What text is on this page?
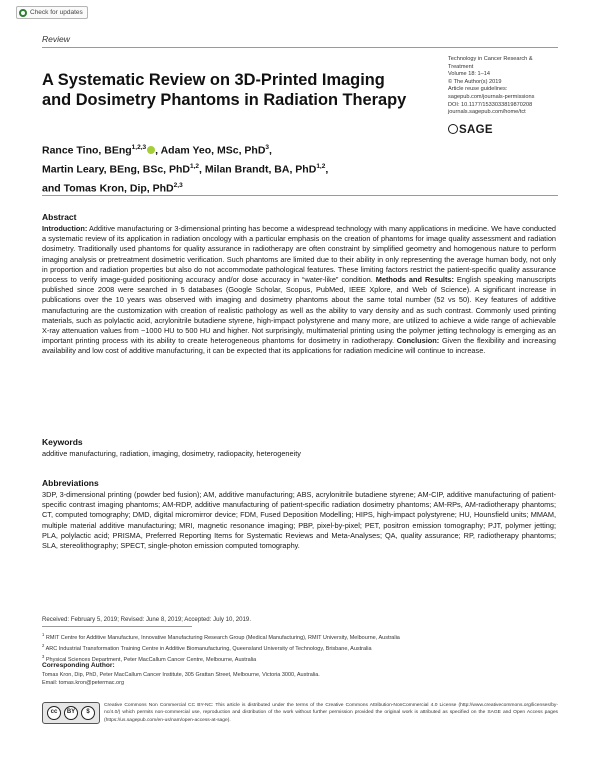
Check for updates
Review
A Systematic Review on 3D-Printed Imaging and Dosimetry Phantoms in Radiation Therapy
Technology in Cancer Research &
Treatment
Volume 18: 1–14
© The Author(s) 2019
Article reuse guidelines:
sagepub.com/journals-permissions
DOI: 10.1177/1533033819870208
journals.sagepub.com/home/tct
SAGE
Rance Tino, BEng$^{1,2,3}$ , Adam Yeo, MSc, PhD$^3$,
Martin Leary, BEng, BSc, PhD$^{1,2}$, Milan Brandt, BA, PhD$^{1,2}$,
and Tomas Kron, Dip, PhD$^{2,3}$
Abstract

Introduction: Additive manufacturing or 3-dimensional printing has become a widespread technology with many applications in medicine. We have conducted a systematic review of its application in radiation oncology with a particular emphasis on the creation of phantoms for image quality assessment and radiation dosimetry. Traditionally used phantoms for quality assurance in radiotherapy are often constraint by simplified geometry and homogenous nature to perform imaging analysis or pretreatment dosimetric verification. Such phantoms are limited due to their ability in only representing the average human body, not only in proportion and radiation properties but also do not accommodate pathological features. These limiting factors restrict the patient-specific quality assurance process to verify image-guided positioning accuracy and/or dose accuracy in “water-like” condition. Methods and Results: English speaking manuscripts published since 2008 were searched in 5 databases (Google Scholar, Scopus, PubMed, IEEE Xplore, and Web of Science). A significant increase in publications over the 10 years was observed with imaging and dosimetry phantoms about the same total number (52 vs 50). Key features of additive manufacturing are the customization with creation of realistic pathology as well as the ability to vary density and as such contrast. Commonly used printing materials, such as polylactic acid, acrylonitrile butadiene styrene, high-impact polystyrene and many more, are utilized to achieve a wide range of achievable X-ray attenuation values from −1000 HU to 500 HU and higher. Not surprisingly, multimaterial printing using the polymer jetting technology is emerging as an important printing process with its ability to create heterogeneous phantoms for dosimetry in radiotherapy. Conclusion: Given the flexibility and increasing availability and low cost of additive manufacturing, it can be expected that its applications for radiation medicine will continue to increase.

Keywords

additive manufacturing, radiation, imaging, dosimetry, radiopacity, heterogeneity

Abbreviations

3DP, 3-dimensional printing (powder bed fusion); AM, additive manufacturing; ABS, acrylonitrile butadiene styrene; AM-CIP, additive manufacturing of patient-specific contrast imaging phantoms; AM-RDP, additive manufacturing of patient-specific radiation dosimetry phantoms; AM-RPs, AM-radiotherapy phantoms; CT, computed tomography; DMD, digital micromirror device; FDM, Fused Deposition Modelling; HIPS, high-impact polystyrene; HU, Hounsfield units; MMAM, multiple material additive manufacturing; MRI, magnetic resonance imaging; PBP, pixel-by-pixel; PET, positron emission tomography; PJT, polymer jetting; PLA, polylactic acid; PRISMA, Preferred Reporting Items for Systematic Reviews and Meta-Analyses; QA, quality assurance; RP, radiotherapy phantoms; SLA, stereolithography; SPECT, single-photon emission computed tomography.

Received: February 5, 2019; Revised: June 8, 2019; Accepted: July 10, 2019.
$^1$ RMIT Centre for Additive Manufacture, Innovative Manufacturing Research Group (Medical Manufacturing), RMIT University, Melbourne, Australia
$^2$ ARC Industrial Transformation Training Centre in Additive Biomanufacturing, Queensland University of Technology, Brisbane, Australia
$^3$ Physical Sciences Department, Peter MacCallum Cancer Centre, Melbourne, Australia
Corresponding Author:
Tomas Kron, Dip, PhD, Peter MacCallum Cancer Institute, 305 Grattan Street, Melbourne, Victoria 3000, Australia.
Email: tomas.kron@petermac.org
cc	BY	$

Creative Commons Non Commercial CC BY-NC: This article is distributed under the terms of the Creative Commons Attribution-NonCommercial 4.0 License (http://www.creativecommons.org/licenses/by-nc/4.0/) which permits non-commercial use, reproduction and distribution of the work without further permission provided the original work is attributed as specified on the SAGE and Open Access pages (https://us.sagepub.com/en-us/nam/open-access-at-sage).
